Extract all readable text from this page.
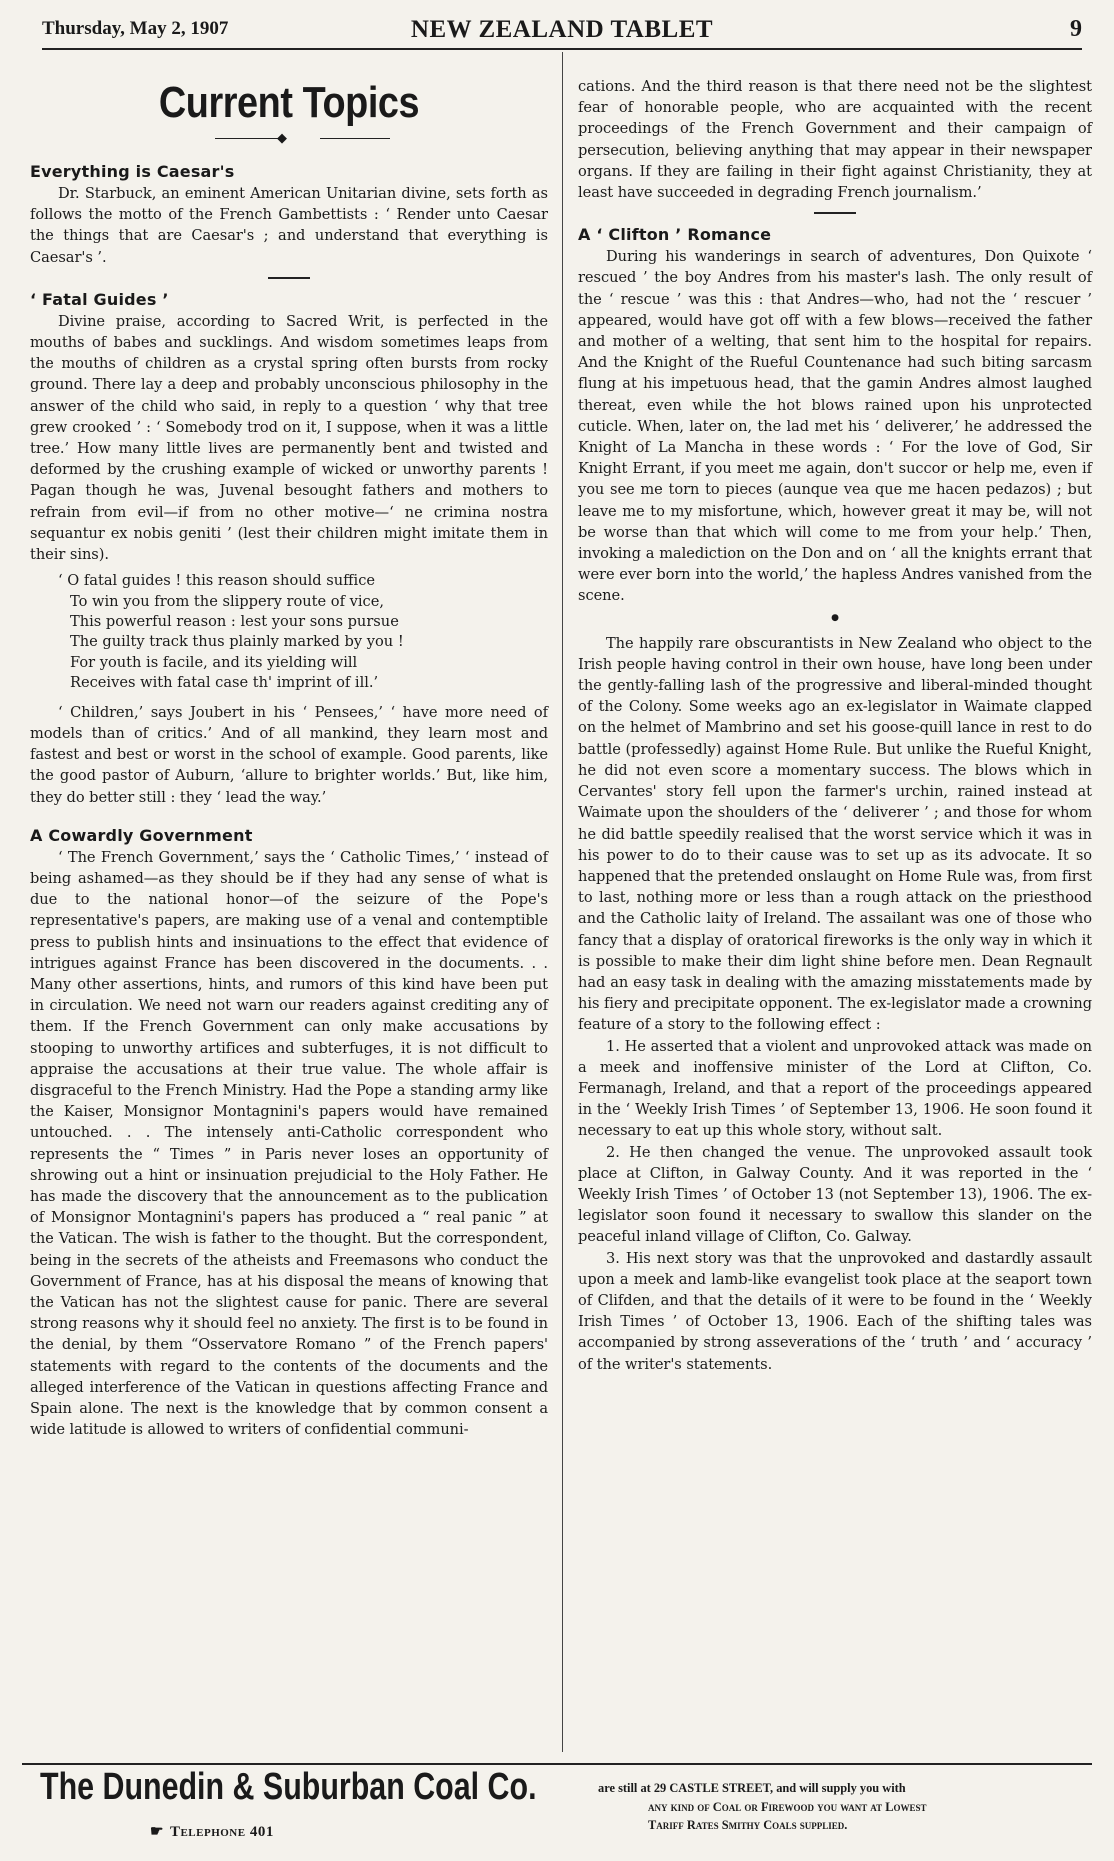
Thursday, May 2, 1907	NEW ZEALAND TABLET	9
Current Topics
◆
Everything is Caesar's

Dr. Starbuck, an eminent American Unitarian divine, sets forth as follows the motto of the French Gambettists : ‘ Render unto Caesar the things that are Caesar's ; and understand that everything is Caesar's ’.

‘ Fatal Guides ’

Divine praise, according to Sacred Writ, is perfected in the mouths of babes and sucklings. And wisdom sometimes leaps from the mouths of children as a crystal spring often bursts from rocky ground. There lay a deep and probably unconscious philosophy in the answer of the child who said, in reply to a question ‘ why that tree grew crooked ’ : ‘ Somebody trod on it, I suppose, when it was a little tree.’ How many little lives are permanently bent and twisted and deformed by the crushing example of wicked or unworthy parents ! Pagan though he was, Juvenal besought fathers and mothers to refrain from evil—if from no other motive—‘ ne crimina nostra sequantur ex nobis geniti ’ (lest their children might imitate them in their sins).

‘ O fatal guides ! this reason should suffice
To win you from the slippery route of vice,
This powerful reason : lest your sons pursue
The guilty track thus plainly marked by you !
For youth is facile, and its yielding will
Receives with fatal case th' imprint of ill.’

‘ Children,’ says Joubert in his ‘ Pensees,’ ‘ have more need of models than of critics.’ And of all mankind, they learn most and fastest and best or worst in the school of example. Good parents, like the good pastor of Auburn, ‘allure to brighter worlds.’ But, like him, they do better still : they ‘ lead the way.’

A Cowardly Government

‘ The French Government,’ says the ‘ Catholic Times,’ ‘ instead of being ashamed—as they should be if they had any sense of what is due to the national honor—of the seizure of the Pope's representative's papers, are making use of a venal and contemptible press to publish hints and insinuations to the effect that evidence of intrigues against France has been discovered in the documents. . . Many other assertions, hints, and rumors of this kind have been put in circulation. We need not warn our readers against crediting any of them. If the French Government can only make accusations by stooping to unworthy artifices and subterfuges, it is not difficult to appraise the accusations at their true value. The whole affair is disgraceful to the French Ministry. Had the Pope a standing army like the Kaiser, Monsignor Montagnini's papers would have remained untouched. . . The intensely anti-Catholic correspondent who represents the “ Times ” in Paris never loses an opportunity of shrowing out a hint or insinuation prejudicial to the Holy Father. He has made the discovery that the announcement as to the publication of Monsignor Montagnini's papers has produced a “ real panic ” at the Vatican. The wish is father to the thought. But the correspondent, being in the secrets of the atheists and Freemasons who conduct the Government of France, has at his disposal the means of knowing that the Vatican has not the slightest cause for panic. There are several strong reasons why it should feel no anxiety. The first is to be found in the denial, by them “Osservatore Romano ” of the French papers' statements with regard to the contents of the documents and the alleged interference of the Vatican in questions affecting France and Spain alone. The next is the knowledge that by common consent a wide latitude is allowed to writers of confidential communi-

cations. And the third reason is that there need not be the slightest fear of honorable people, who are acquainted with the recent proceedings of the French Government and their campaign of persecution, believing anything that may appear in their newspaper organs. If they are failing in their fight against Christianity, they at least have succeeded in degrading French journalism.’

A ‘ Clifton ’ Romance

During his wanderings in search of adventures, Don Quixote ‘ rescued ’ the boy Andres from his master's lash. The only result of the ‘ rescue ’ was this : that Andres—who, had not the ‘ rescuer ’ appeared, would have got off with a few blows—received the father and mother of a welting, that sent him to the hospital for repairs. And the Knight of the Rueful Countenance had such biting sarcasm flung at his impetuous head, that the gamin Andres almost laughed thereat, even while the hot blows rained upon his unprotected cuticle. When, later on, the lad met his ‘ deliverer,’ he addressed the Knight of La Mancha in these words : ‘ For the love of God, Sir Knight Errant, if you meet me again, don't succor or help me, even if you see me torn to pieces (aunque vea que me hacen pedazos) ; but leave me to my misfortune, which, however great it may be, will not be worse than that which will come to me from your help.’ Then, invoking a malediction on the Don and on ‘ all the knights errant that were ever born into the world,’ the hapless Andres vanished from the scene.

●

The happily rare obscurantists in New Zealand who object to the Irish people having control in their own house, have long been under the gently-falling lash of the progressive and liberal-minded thought of the Colony. Some weeks ago an ex-legislator in Waimate clapped on the helmet of Mambrino and set his goose-quill lance in rest to do battle (professedly) against Home Rule. But unlike the Rueful Knight, he did not even score a momentary success. The blows which in Cervantes' story fell upon the farmer's urchin, rained instead at Waimate upon the shoulders of the ‘ deliverer ’ ; and those for whom he did battle speedily realised that the worst service which it was in his power to do to their cause was to set up as its advocate. It so happened that the pretended onslaught on Home Rule was, from first to last, nothing more or less than a rough attack on the priesthood and the Catholic laity of Ireland. The assailant was one of those who fancy that a display of oratorical fireworks is the only way in which it is possible to make their dim light shine before men. Dean Regnault had an easy task in dealing with the amazing misstatements made by his fiery and precipitate opponent. The ex-legislator made a crowning feature of a story to the following effect :

1. He asserted that a violent and unprovoked attack was made on a meek and inoffensive minister of the Lord at Clifton, Co. Fermanagh, Ireland, and that a report of the proceedings appeared in the ‘ Weekly Irish Times ’ of September 13, 1906. He soon found it necessary to eat up this whole story, without salt.

2. He then changed the venue. The unprovoked assault took place at Clifton, in Galway County. And it was reported in the ‘ Weekly Irish Times ’ of October 13 (not September 13), 1906. The ex-legislator soon found it necessary to swallow this slander on the peaceful inland village of Clifton, Co. Galway.

3. His next story was that the unprovoked and dastardly assault upon a meek and lamb-like evangelist took place at the seaport town of Clifden, and that the details of it were to be found in the ‘ Weekly Irish Times ’ of October 13, 1906. Each of the shifting tales was accompanied by strong asseverations of the ‘ truth ’ and ‘ accuracy ’ of the writer's statements.

The Dunedin & Suburban Coal Co.
☛ Telephone 401
are still at 29 CASTLE STREET, and will supply you with
any kind of Coal or Firewood you want at Lowest
Tariff Rates Smithy Coals supplied.
